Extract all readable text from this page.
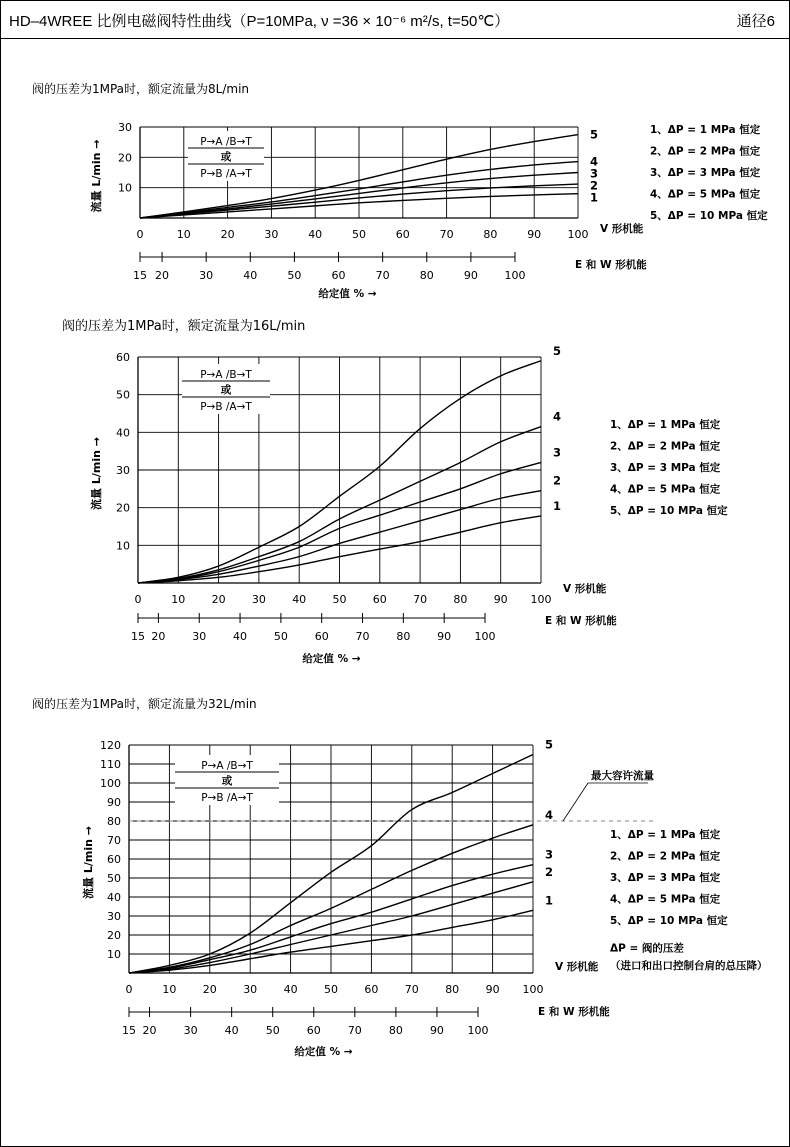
HD–4WREE 比例电磁阀特性曲线（P=10MPa, ν =36 × 10⁻⁶ m²/s, t=50℃）	通径6
阀的压差为1MPa时，额定流量为8L/min
10
20
30
0	10	20	30	40	50	60	70	80	90 100
流量 L/min →	P→A /B→T
或
P→B /A→T
1
2
3
4
5
V 形机能
15 20	30	40	50	60	70	80	90 100
E 和 W 形机能
给定值 % →
1、ΔP = 1 MPa 恒定
2、ΔP = 2 MPa 恒定
3、ΔP = 3 MPa 恒定
4、ΔP = 5 MPa 恒定
5、ΔP = 10 MPa 恒定
阀的压差为1MPa时，额定流量为16L/min
10
20
30
40
50
60
0	10 20 30 40 50 60 70 80 90 100
流量 L/min →
P→A /B→T
或
P→B /A→T
1
2
3
4
5
V 形机能
15 20 30 40 50 60 70 80 90 100
E 和 W 形机能
给定值 % →
1、ΔP = 1 MPa 恒定
2、ΔP = 2 MPa 恒定
3、ΔP = 3 MPa 恒定
4、ΔP = 5 MPa 恒定
5、ΔP = 10 MPa 恒定
阀的压差为1MPa时，额定流量为32L/min
10
20
30
40
50
60
70
80
90
100
110
120
0	10 20 30 40 50 60 70 80 90 100
流量 L/min →
P→A /B→T
或
P→B /A→T
最大容许流量
1
2
3
4
5
V 形机能
15 20 30 40 50 60 70 80 90 100
E 和 W 形机能
给定值 % →
1、ΔP = 1 MPa 恒定
2、ΔP = 2 MPa 恒定
3、ΔP = 3 MPa 恒定
4、ΔP = 5 MPa 恒定
5、ΔP = 10 MPa 恒定
ΔP = 阀的压差
（进口和出口控制台肩的总压降）
